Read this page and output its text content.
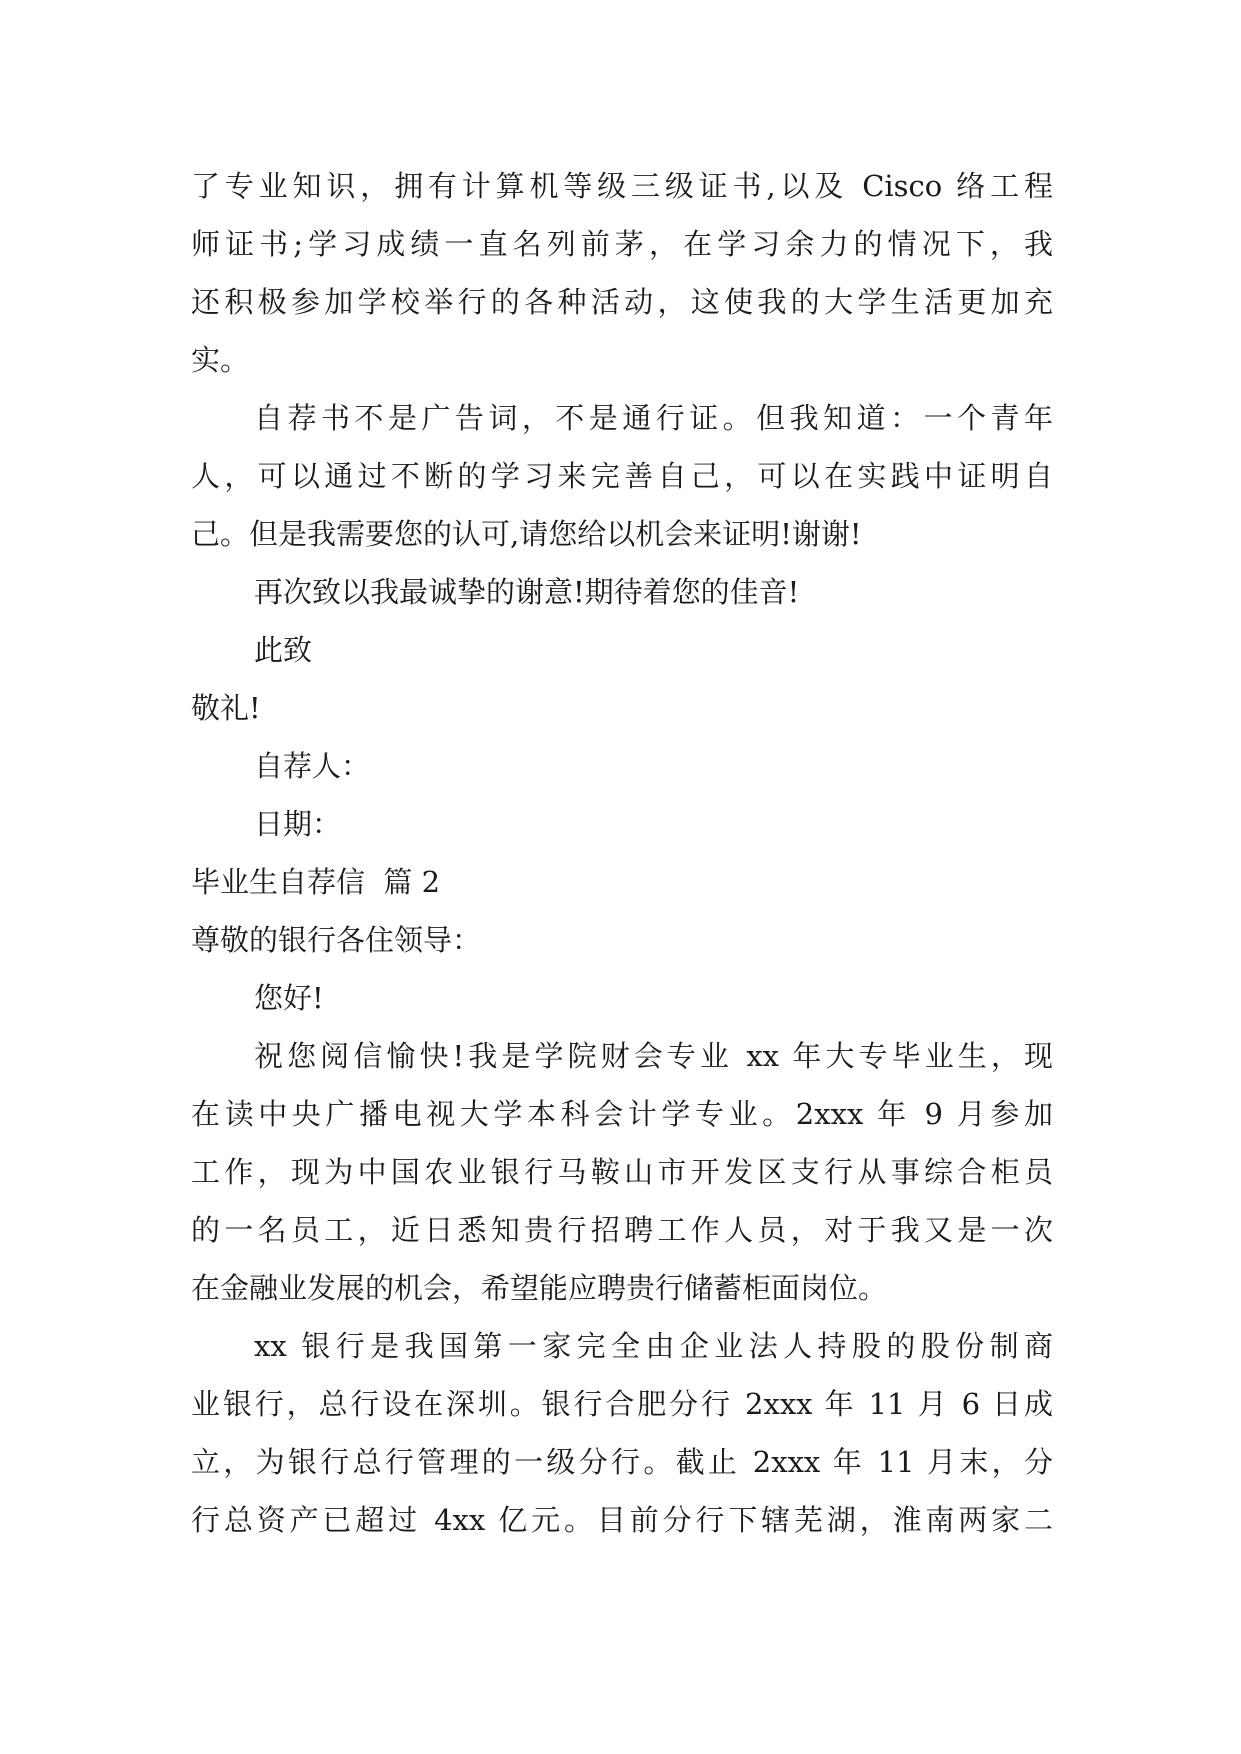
了专业知识，拥有计算机等级三级证书,以及 Cisco 络工程
师证书;学习成绩一直名列前茅，在学习余力的情况下，我
还积极参加学校举行的各种活动，这使我的大学生活更加充
实。
自荐书不是广告词，不是通行证。但我知道：一个青年
人，可以通过不断的学习来完善自己，可以在实践中证明自
己。但是我需要您的认可,请您给以机会来证明!谢谢!
再次致以我最诚挚的谢意!期待着您的佳音!
此致
敬礼!
自荐人：
日期：
毕业生自荐信  篇 2
尊敬的银行各住领导：
您好!
祝您阅信愉快!我是学院财会专业 xx 年大专毕业生，现
在读中央广播电视大学本科会计学专业。2xxx 年 9 月参加
工作，现为中国农业银行马鞍山市开发区支行从事综合柜员
的一名员工，近日悉知贵行招聘工作人员，对于我又是一次
在金融业发展的机会，希望能应聘贵行储蓄柜面岗位。
xx 银行是我国第一家完全由企业法人持股的股份制商
业银行，总行设在深圳。银行合肥分行 2xxx 年 11 月 6 日成
立，为银行总行管理的一级分行。截止 2xxx 年 11 月末，分
行总资产已超过 4xx 亿元。目前分行下辖芜湖，淮南两家二
